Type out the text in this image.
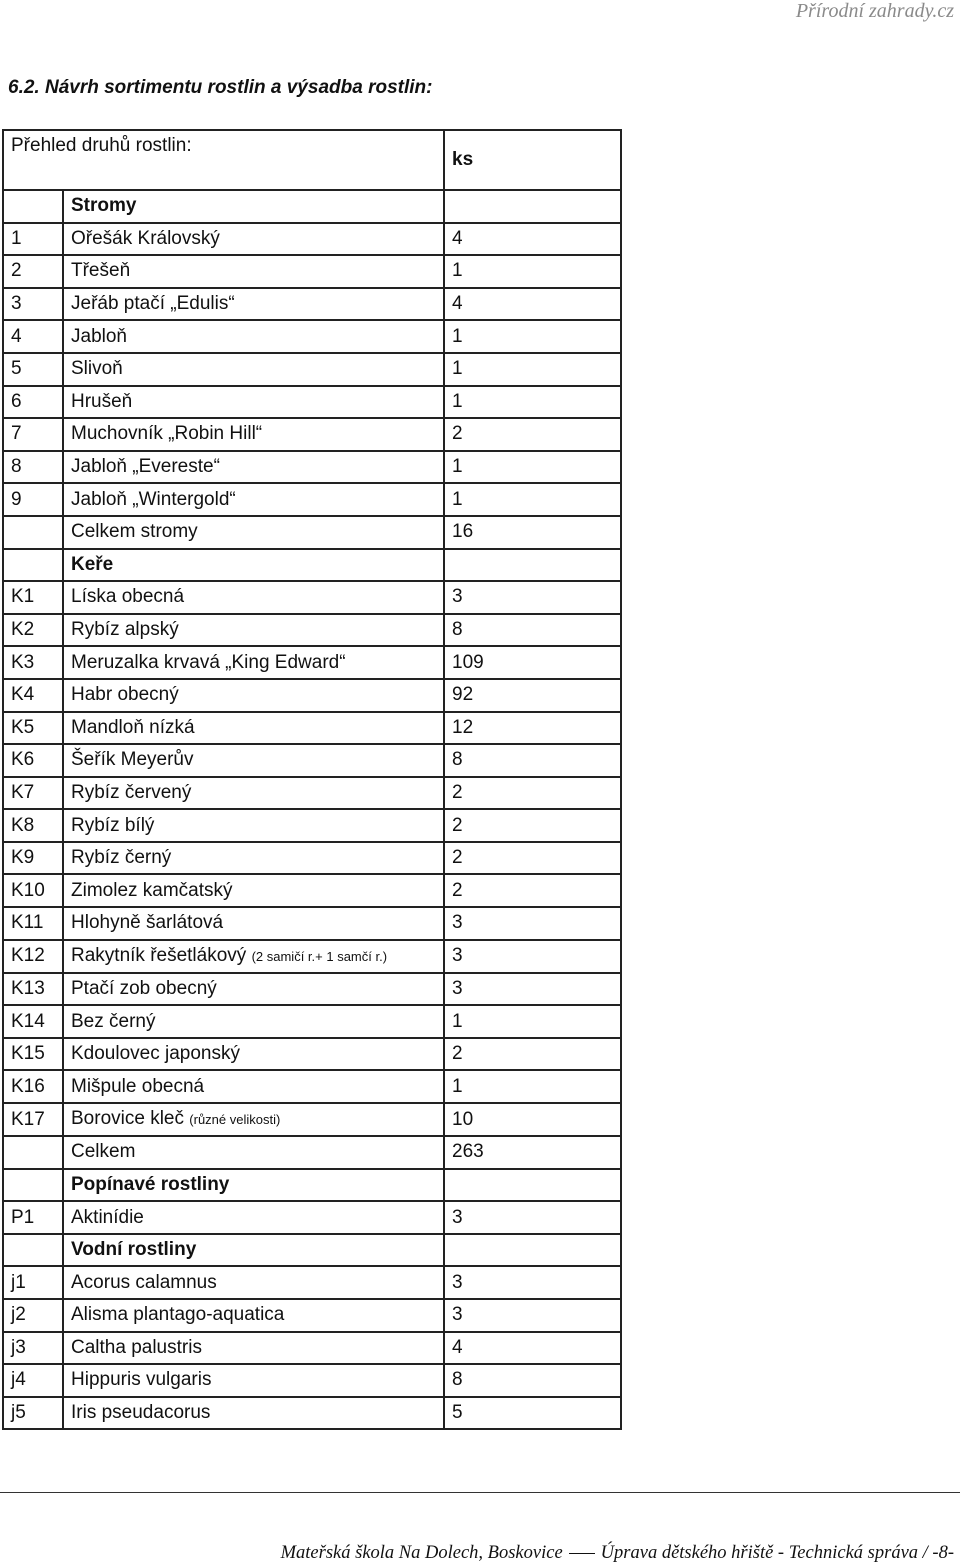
Přírodní zahrady.cz
6.2. Návrh sortimentu rostlin a výsadba rostlin:
Přehled druhů rostlin:		ks
	Stromy	
1	Ořešák Královský	4
2	Třešeň	1
3	Jeřáb ptačí „Edulis“	4
4	Jabloň	1
5	Slivoň	1
6	Hrušeň	1
7	Muchovník „Robin Hill“	2
8	Jabloň „Evereste“	1
9	Jabloň „Wintergold“	1
	Celkem stromy	16
	Keře	
K1	Líska obecná	3
K2	Rybíz alpský	8
K3	Meruzalka krvavá „King Edward“	109
K4	Habr obecný	92
K5	Mandloň nízká	12
K6	Šeřík Meyerův	8
K7	Rybíz červený	2
K8	Rybíz bílý	2
K9	Rybíz černý	2
K10	Zimolez kamčatský	2
K11	Hlohyně šarlátová	3
K12	Rakytník řešetlákový (2 samičí r.+ 1 samčí r.)	3
K13	Ptačí zob obecný	3
K14	Bez černý	1
K15	Kdoulovec japonský	2
K16	Mišpule obecná	1
K17	Borovice kleč (různé velikosti)	10
	Celkem	263
	Popínavé rostliny	
P1	Aktinídie	3
	Vodní rostliny	
j1	Acorus calamnus	3
j2	Alisma plantago-aquatica	3
j3	Caltha palustris	4
j4	Hippuris vulgaris	8
j5	Iris pseudacorus	5
Mateřská škola Na Dolech, Boskovice Úprava dětského hřiště - Technická správa / -8-
